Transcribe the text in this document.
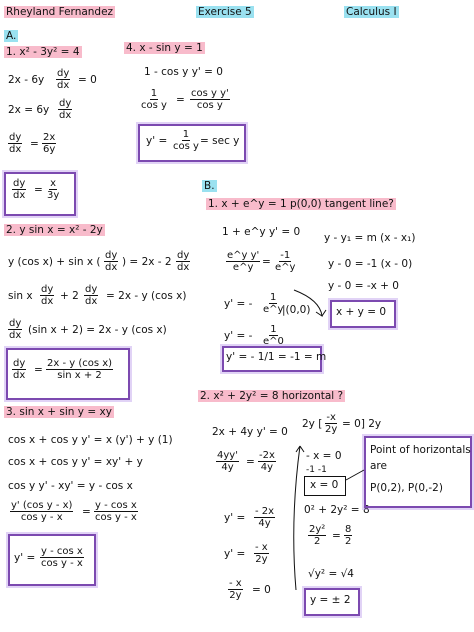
Rheyland Fernandez	Exercise 5	Calculus I
A.
1. x² - 3y² = 4
$2x - 6y \frac{dy}{dx} = 0$
$2x = 6y \frac{dy}{dx}$
$\frac{dy}{dx} = \frac{2x}{6y}$
$\frac{dy}{dx} = \frac{x}{3y}$
2. y sin x = x² - 2y
y (cos x) + sin x ( $\frac{dy}{dx}$ ) = $2x - 2 \frac{dy}{dx}$
sin x $\frac{dy}{dx} + 2 \frac{dy}{dx} = 2x - y$ (cos x)
$\frac{dy}{dx} (\sin$ x + 2) = 2x - y (cos x)
$\frac{dy}{dx} = \frac{\text{2x - y (cos x)}}{\text{sin x + 2}}$
3. sin x + sin y = xy
cos x + cos y y' = x (y') + y (1)
cos x + cos y y' = xy' + y
cos y y' - xy' = y - cos x
$\frac{\text{y' (cos y - x)}}{\text{cos y - x}} = \frac{\text{y - cos x}}{\text{cos y - x}}$
$y' = \frac{\text{y - cos x}}{\text{cos y - x}}$
4. x - sin y = 1
1 - cos y y' = 0
$\frac{1}{\text{cos y}} = \frac{\text{cos y y'}}{\text{cos y}}$
$y' = \frac{1}{\text{cos y}} = \sec y$
B.
1. x + e^y = 1 p(0,0) tangent line?
1 + e^y y' = 0
$\frac{\text{e\textasciicircum{}y y'}}{e\^{}y} = \frac{-1}{e\^{}y}$
y' = - $\frac{1}{e\^{}y}$
|(0,0)
y' = - $\frac{1}{e\^{}0}$
y' = - 1/1 = -1 = m
y - y₁ = m (x - x₁)
y - 0 = -1 (x - 0)
y - 0 = -x + 0
x + y = 0
2. x² + 2y² = 8 horizontal ?
2x + 4y y' = 0
$\frac{4yy'}{4y} = \frac{-2x}{4y}$
$y' = \frac{- 2x}{4y}$
$y' = \frac{- x}{2y}$
$\frac{- x}{2y} = 0$
2y [ $\frac{-x}{2y} = 0$] 2y
- x = 0
-1 -1
x = 0
0² + 2y² = 8
$\frac{\text{2y²}}{2} = \frac{8}{2}$
√y² = √4
y = ± 2
Point of horizontals
are
P(0,2), P(0,-2)
